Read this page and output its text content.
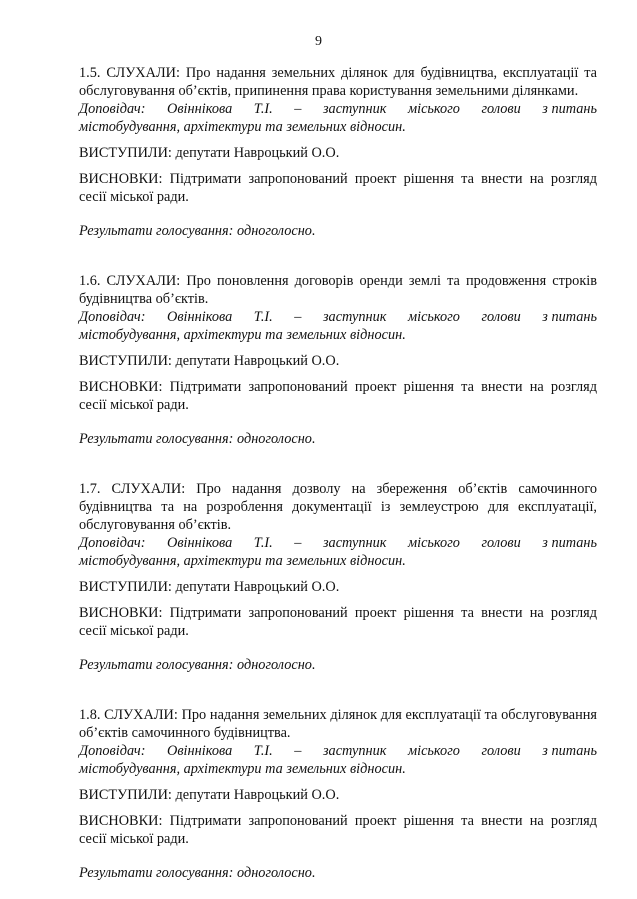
9

1.5. СЛУХАЛИ: Про надання земельних ділянок для будівництва, експлуатації та обслуговування об’єктів, припинення права користування земельними ділянками.

Доповідач: Овіннікова Т.І. – заступник міського голови з питань
містобудування, архітектури та земельних відносин.

ВИСТУПИЛИ: депутати Навроцький О.О.

ВИСНОВКИ: Підтримати запропонований проект рішення та внести на розгляд сесії міської ради.

Результати голосування: одноголосно.

1.6. СЛУХАЛИ: Про поновлення договорів оренди землі та продовження строків будівництва об’єктів.

Доповідач: Овіннікова Т.І. – заступник міського голови з питань
містобудування, архітектури та земельних відносин.

ВИСТУПИЛИ: депутати Навроцький О.О.

ВИСНОВКИ: Підтримати запропонований проект рішення та внести на розгляд сесії міської ради.

Результати голосування: одноголосно.

1.7. СЛУХАЛИ: Про надання дозволу на збереження об’єктів самочинного будівництва та на розроблення документації із землеустрою для експлуатації, обслуговування об’єктів.

Доповідач: Овіннікова Т.І. – заступник міського голови з питань
містобудування, архітектури та земельних відносин.

ВИСТУПИЛИ: депутати Навроцький О.О.

ВИСНОВКИ: Підтримати запропонований проект рішення та внести на розгляд сесії міської ради.

Результати голосування: одноголосно.

1.8. СЛУХАЛИ: Про надання земельних ділянок для експлуатації та обслуговування об’єктів самочинного будівництва.

Доповідач: Овіннікова Т.І. – заступник міського голови з питань
містобудування, архітектури та земельних відносин.

ВИСТУПИЛИ: депутати Навроцький О.О.

ВИСНОВКИ: Підтримати запропонований проект рішення та внести на розгляд сесії міської ради.

Результати голосування: одноголосно.
